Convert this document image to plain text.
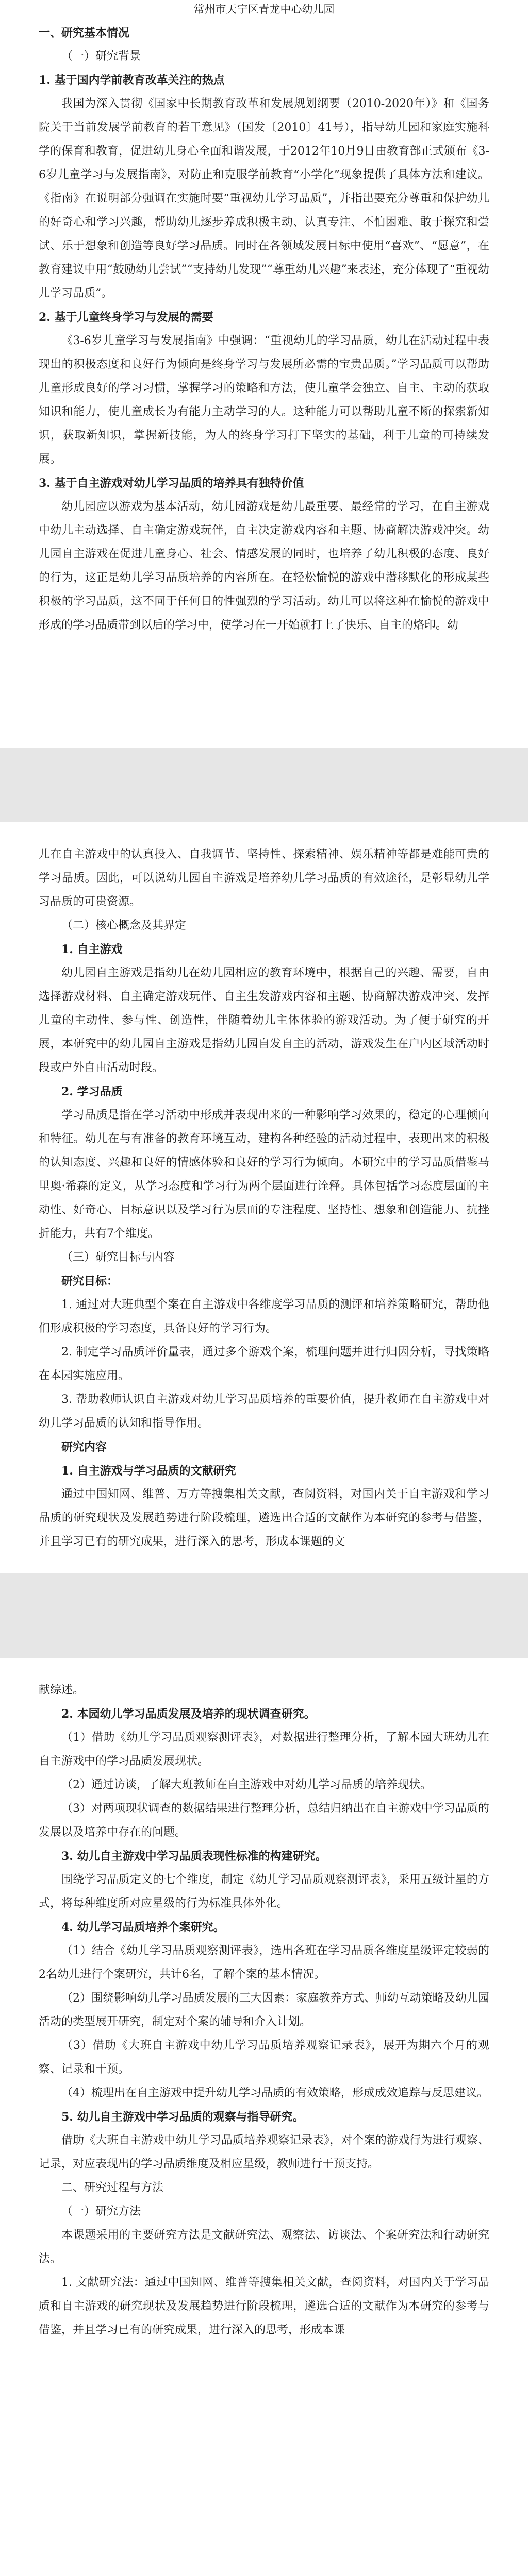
常州市天宁区青龙中心幼儿园

一、研究基本情况

（一）研究背景

1. 基于国内学前教育改革关注的热点

我国为深入贯彻《国家中长期教育改革和发展规划纲要（2010-2020年）》和《国务院关于当前发展学前教育的若干意见》（国发〔2010〕41号），指导幼儿园和家庭实施科学的保育和教育，促进幼儿身心全面和谐发展，于2012年10月9日由教育部正式颁布《3-6岁儿童学习与发展指南》，对防止和克服学前教育“小学化”现象提供了具体方法和建议。《指南》在说明部分强调在实施时要“重视幼儿学习品质”，并指出要充分尊重和保护幼儿的好奇心和学习兴趣，帮助幼儿逐步养成积极主动、认真专注、不怕困难、敢于探究和尝试、乐于想象和创造等良好学习品质。同时在各领域发展目标中使用“喜欢”、“愿意”，在教育建议中用“鼓励幼儿尝试”“支持幼儿发现”“尊重幼儿兴趣”来表述，充分体现了“重视幼儿学习品质”。

2. 基于儿童终身学习与发展的需要

《3-6岁儿童学习与发展指南》中强调：“重视幼儿的学习品质，幼儿在活动过程中表现出的积极态度和良好行为倾向是终身学习与发展所必需的宝贵品质。”学习品质可以帮助儿童形成良好的学习习惯，掌握学习的策略和方法，使儿童学会独立、自主、主动的获取知识和能力，使儿童成长为有能力主动学习的人。这种能力可以帮助儿童不断的探索新知识，获取新知识，掌握新技能，为人的终身学习打下坚实的基础，利于儿童的可持续发展。

3. 基于自主游戏对幼儿学习品质的培养具有独特价值

幼儿园应以游戏为基本活动，幼儿园游戏是幼儿最重要、最经常的学习，在自主游戏中幼儿主动选择、自主确定游戏玩伴，自主决定游戏内容和主题、协商解决游戏冲突。幼儿园自主游戏在促进儿童身心、社会、情感发展的同时，也培养了幼儿积极的态度、良好的行为，这正是幼儿学习品质培养的内容所在。在轻松愉悦的游戏中潜移默化的形成某些积极的学习品质，这不同于任何目的性强烈的学习活动。幼儿可以将这种在愉悦的游戏中形成的学习品质带到以后的学习中，使学习在一开始就打上了快乐、自主的烙印。幼

儿在自主游戏中的认真投入、自我调节、坚持性、探索精神、娱乐精神等都是难能可贵的学习品质。因此，可以说幼儿园自主游戏是培养幼儿学习品质的有效途径，是彰显幼儿学习品质的可贵资源。

（二）核心概念及其界定

1. 自主游戏

幼儿园自主游戏是指幼儿在幼儿园相应的教育环境中，根据自己的兴趣、需要，自由选择游戏材料、自主确定游戏玩伴、自主生发游戏内容和主题、协商解决游戏冲突、发挥儿童的主动性、参与性、创造性，伴随着幼儿主体体验的游戏活动。为了便于研究的开展，本研究中的幼儿园自主游戏是指幼儿园自发自主的活动，游戏发生在户内区域活动时段或户外自由活动时段。

2. 学习品质

学习品质是指在学习活动中形成并表现出来的一种影响学习效果的，稳定的心理倾向和特征。幼儿在与有准备的教育环境互动，建构各种经验的活动过程中，表现出来的积极的认知态度、兴趣和良好的情感体验和良好的学习行为倾向。本研究中的学习品质借鉴马里奥·希森的定义，从学习态度和学习行为两个层面进行诠释。具体包括学习态度层面的主动性、好奇心、目标意识以及学习行为层面的专注程度、坚持性、想象和创造能力、抗挫折能力，共有7个维度。

（三）研究目标与内容

研究目标：

1. 通过对大班典型个案在自主游戏中各维度学习品质的测评和培养策略研究，帮助他们形成积极的学习态度，具备良好的学习行为。

2. 制定学习品质评价量表，通过多个游戏个案，梳理问题并进行归因分析，寻找策略在本园实施应用。

3. 帮助教师认识自主游戏对幼儿学习品质培养的重要价值，提升教师在自主游戏中对幼儿学习品质的认知和指导作用。

研究内容

1. 自主游戏与学习品质的文献研究

通过中国知网、维普、万方等搜集相关文献，查阅资料，对国内关于自主游戏和学习品质的研究现状及发展趋势进行阶段梳理，遴选出合适的文献作为本研究的参考与借鉴，并且学习已有的研究成果，进行深入的思考，形成本课题的文

献综述。

2. 本园幼儿学习品质发展及培养的现状调查研究。

（1）借助《幼儿学习品质观察测评表》，对数据进行整理分析，了解本园大班幼儿在自主游戏中的学习品质发展现状。

（2）通过访谈，了解大班教师在自主游戏中对幼儿学习品质的培养现状。

（3）对两项现状调查的数据结果进行整理分析，总结归纳出在自主游戏中学习品质的发展以及培养中存在的问题。

3. 幼儿自主游戏中学习品质表现性标准的构建研究。

围绕学习品质定义的七个维度，制定《幼儿学习品质观察测评表》，采用五级计星的方式，将每种维度所对应星级的行为标准具体外化。

4. 幼儿学习品质培养个案研究。

（1）结合《幼儿学习品质观察测评表》，选出各班在学习品质各维度星级评定较弱的2名幼儿进行个案研究，共计6名，了解个案的基本情况。

（2）围绕影响幼儿学习品质发展的三大因素：家庭教养方式、师幼互动策略及幼儿园活动的类型展开研究，制定对个案的辅导和介入计划。

（3）借助《大班自主游戏中幼儿学习品质培养观察记录表》，展开为期六个月的观察、记录和干预。

（4）梳理出在自主游戏中提升幼儿学习品质的有效策略，形成成效追踪与反思建议。

5. 幼儿自主游戏中学习品质的观察与指导研究。

借助《大班自主游戏中幼儿学习品质培养观察记录表》，对个案的游戏行为进行观察、记录，对应表现出的学习品质维度及相应星级，教师进行干预支持。

二、研究过程与方法

（一）研究方法

本课题采用的主要研究方法是文献研究法、观察法、访谈法、个案研究法和行动研究法。

1. 文献研究法：通过中国知网、维普等搜集相关文献，查阅资料，对国内关于学习品质和自主游戏的研究现状及发展趋势进行阶段梳理，遴选合适的文献作为本研究的参考与借鉴，并且学习已有的研究成果，进行深入的思考，形成本课
